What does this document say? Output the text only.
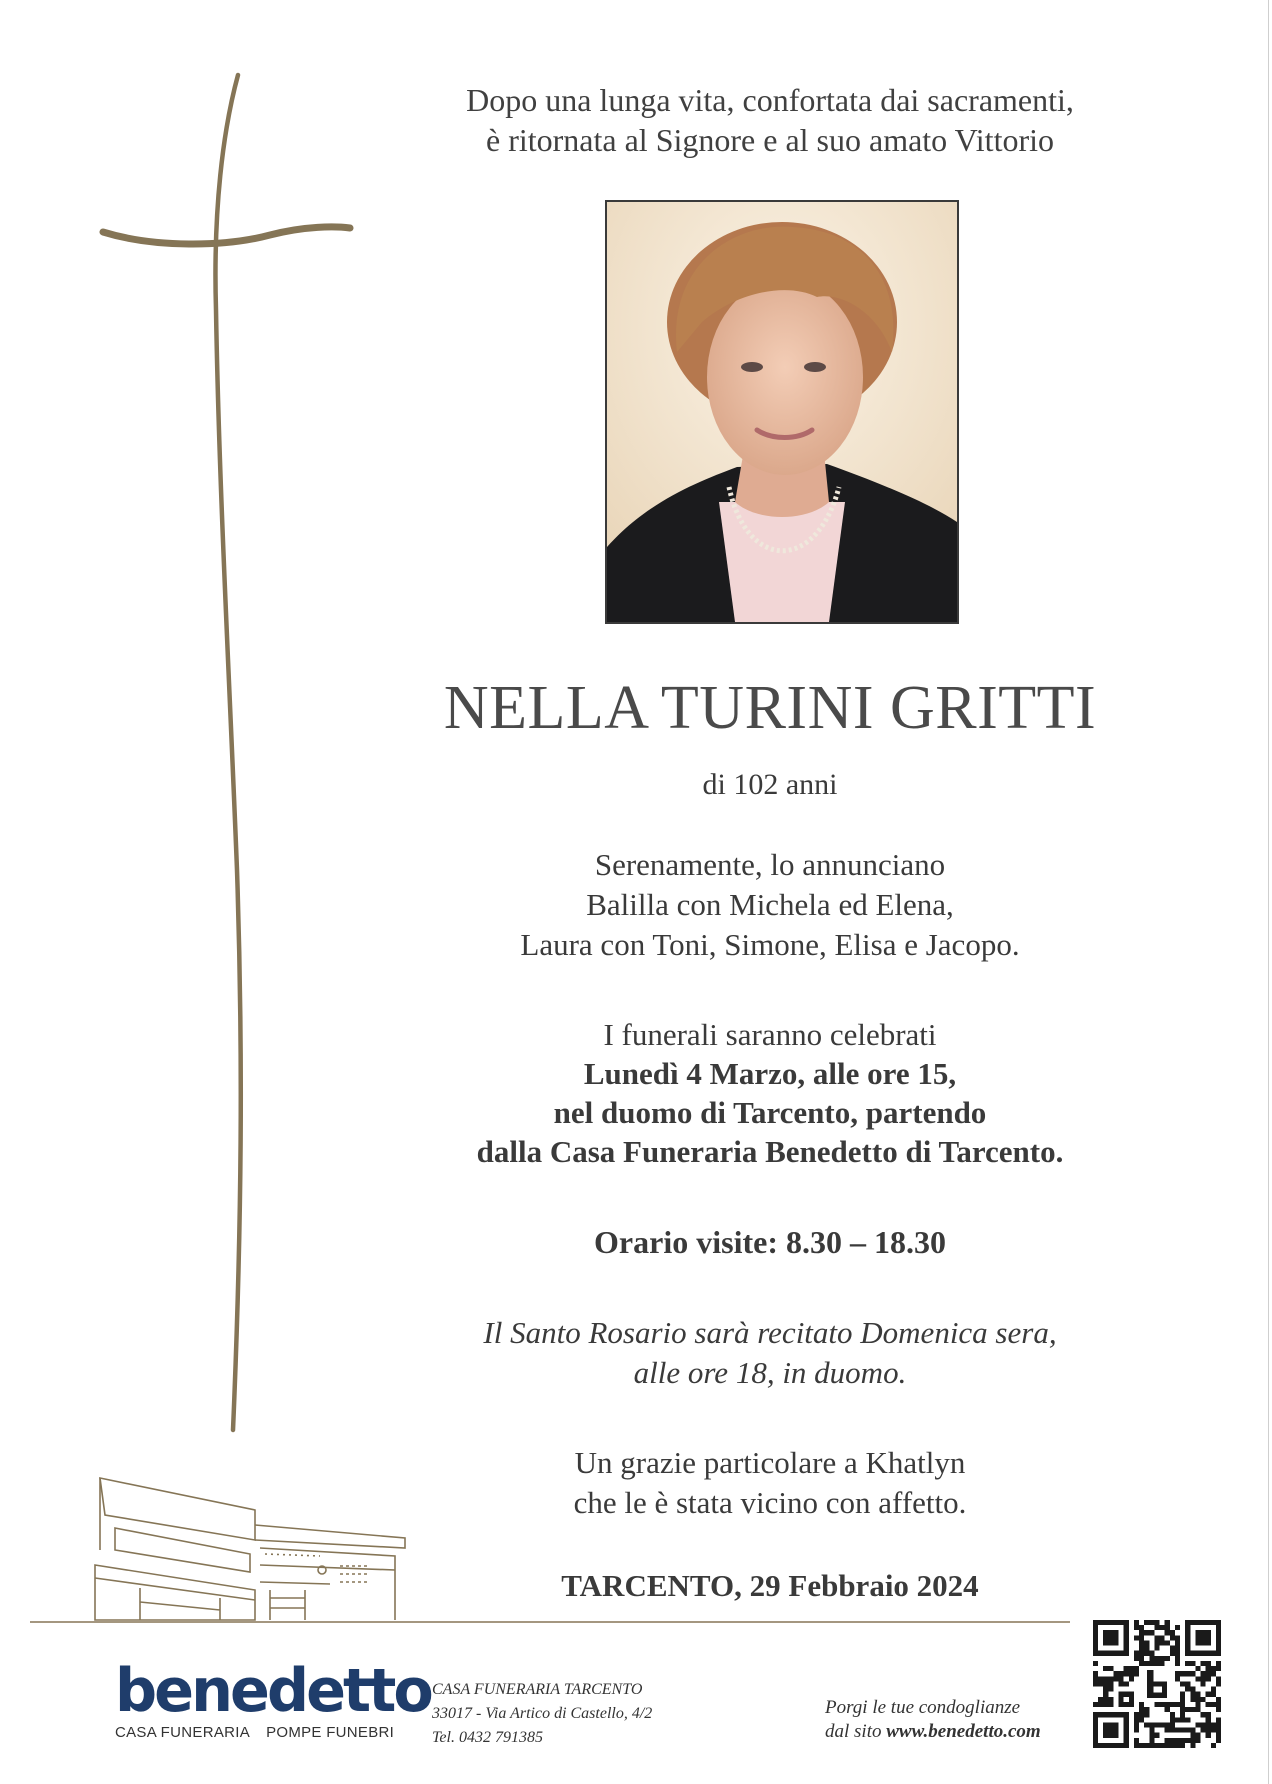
Dopo una lunga vita, confortata dai sacramenti,
è ritornata al Signore e al suo amato Vittorio
NELLA TURINI GRITTI
di 102 anni
Serenamente, lo annunciano
Balilla con Michela ed Elena,
Laura con Toni, Simone, Elisa e Jacopo.
I funerali saranno celebrati
Lunedì 4 Marzo, alle ore 15,
nel duomo di Tarcento, partendo
dalla Casa Funeraria Benedetto di Tarcento.
Orario visite: 8.30 – 18.30
Il Santo Rosario sarà recitato Domenica sera,
alle ore 18, in duomo.
Un grazie particolare a Khatlyn
che le è stata vicino con affetto.
TARCENTO, 29 Febbraio 2024
benedetto
CASA FUNERARIA POMPE FUNEBRI
CASA FUNERARIA TARCENTO
33017 - Via Artico di Castello, 4/2
Tel. 0432 791385
Porgi le tue condoglianze
dal sito www.benedetto.com
